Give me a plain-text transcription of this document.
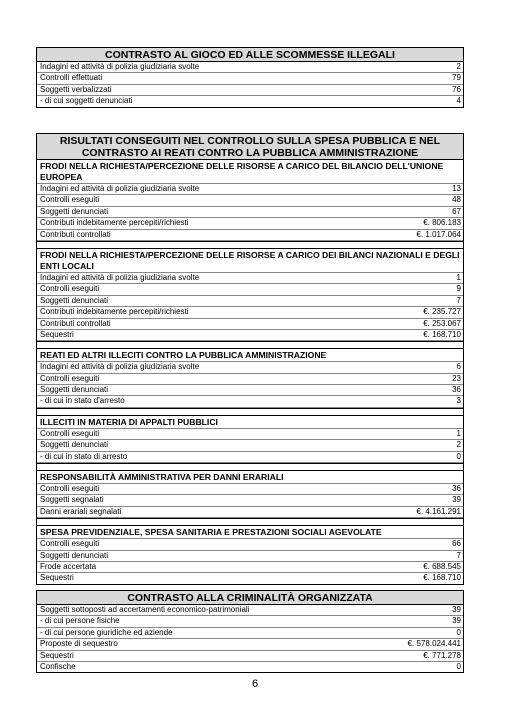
CONTRASTO AL GIOCO ED ALLE SCOMMESSE ILLEGALI
Indagini ed attività di polizia giudiziaria svolte	2
Controlli effettuati	79
Soggetti verbalizzati	76
- di cui soggetti denunciati	4
RISULTATI CONSEGUITI NEL CONTROLLO SULLA SPESA PUBBLICA E NEL
CONTRASTO AI REATI CONTRO LA PUBBLICA AMMINISTRAZIONE
FRODI NELLA RICHIESTA/PERCEZIONE DELLE RISORSE A CARICO DEL BILANCIO DELL'UNIONE EUROPEA
Indagini ed attività di polizia giudiziaria svolte	13
Controlli eseguiti	48
Soggetti denunciati	67
Contributi indebitamente percepiti/richiesti	€. 806.183
Contributi controllati	€. 1.017.064
FRODI NELLA RICHIESTA/PERCEZIONE DELLE RISORSE A CARICO DEI BILANCI NAZIONALI E DEGLI ENTI LOCALI
Indagini ed attività di polizia giudiziaria svolte	1
Controlli eseguiti	9
Soggetti denunciati	7
Contributi indebitamente percepiti/richiesti	€. 235.727
Contributi controllati	€. 253.067
Sequestri	€. 168.710
REATI ED ALTRI ILLECITI CONTRO LA PUBBLICA AMMINISTRAZIONE
Indagini ed attività di polizia giudiziaria svolte	6
Controlli eseguiti	23
Soggetti denunciati	36
- di cui in stato d'arresto	3
ILLECITI IN MATERIA DI APPALTI PUBBLICI
Controlli eseguiti	1
Soggetti denunciati	2
- di cui in stato di arresto	0
RESPONSABILITÀ AMMINISTRATIVA PER DANNI ERARIALI
Controlli eseguiti	36
Soggetti segnalati	39
Danni erariali segnalati	€. 4.161.291
SPESA PREVIDENZIALE, SPESA SANITARIA E PRESTAZIONI SOCIALI AGEVOLATE
Controlli eseguiti	66
Soggetti denunciati	7
Frode accertata	€. 688.545
Sequestri	€. 168.710
CONTRASTO ALLA CRIMINALITÀ ORGANIZZATA
Soggetti sottoposti ad accertamenti economico-patrimoniali	39
- di cui persone fisiche	39
- di cui persone giuridiche ed aziende	0
Proposte di sequestro	€. 578.024.441
Sequestri	€. 771.278
Confische	0
6
